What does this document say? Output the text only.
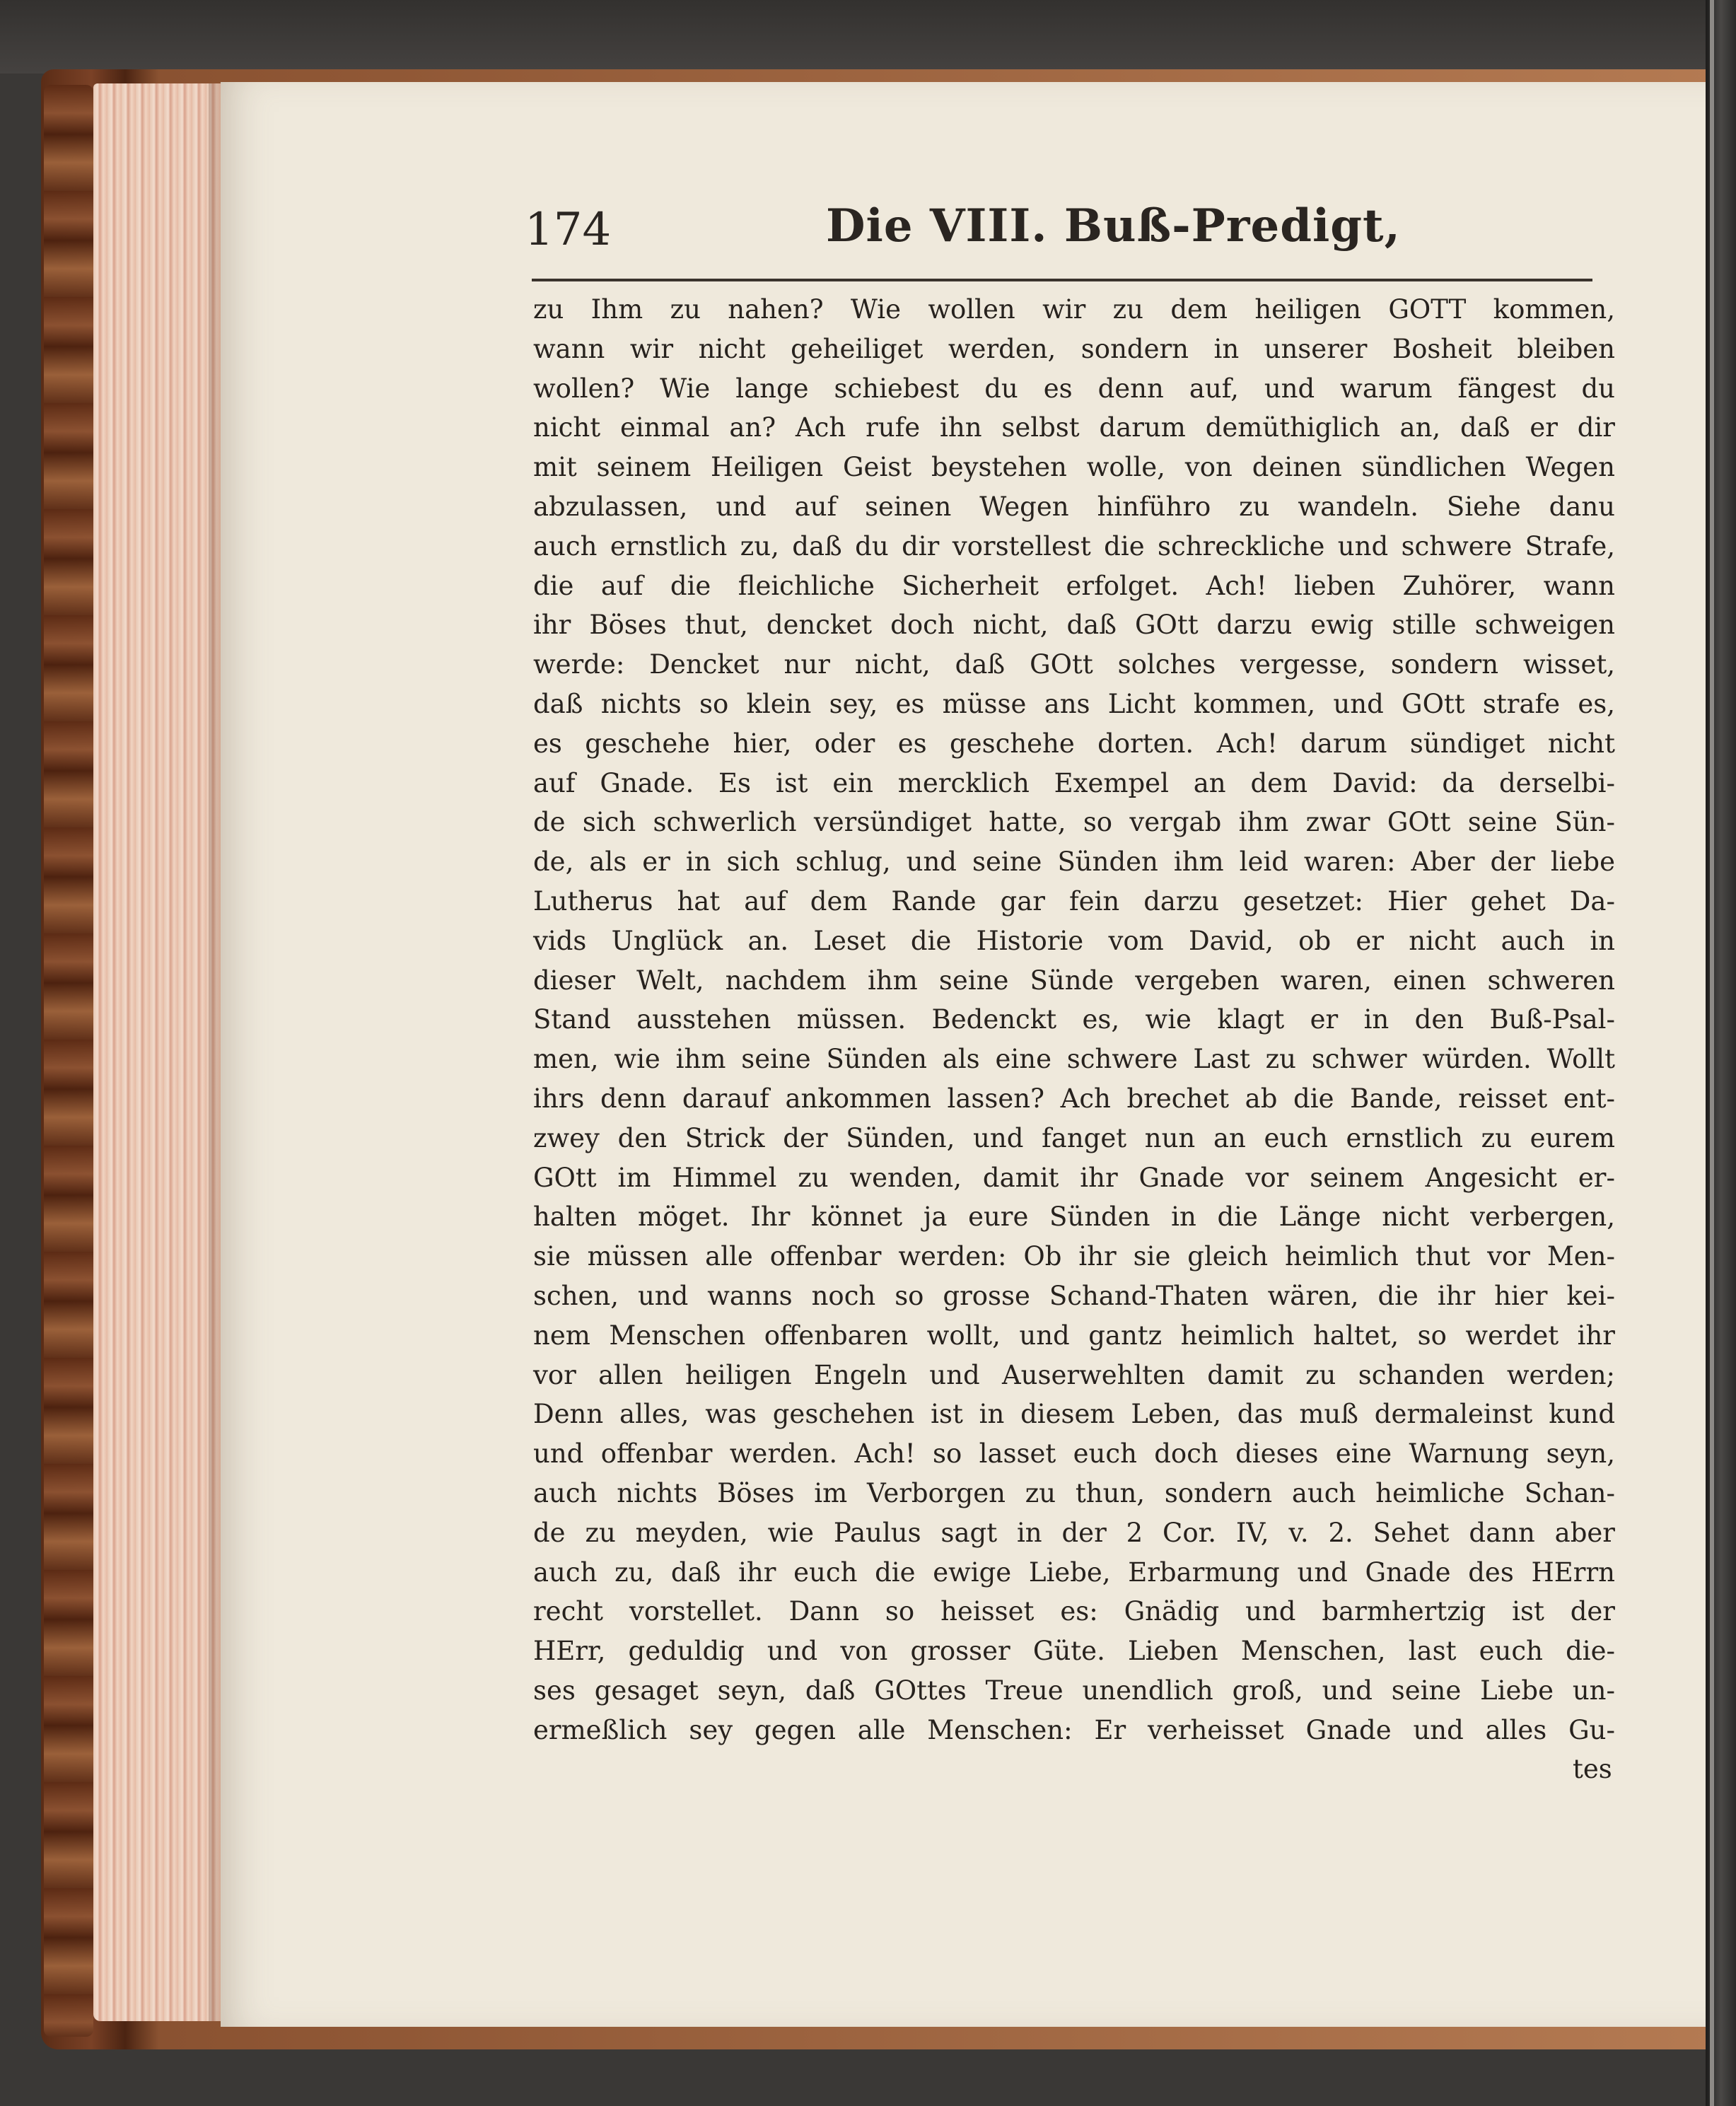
174	Die VIII. Buß-Predigt,
zu Ihm zu nahen? Wie wollen wir zu dem heiligen GOTT kommen,
wann wir nicht geheiliget werden, sondern in unserer Bosheit bleiben
wollen? Wie lange schiebest du es denn auf, und warum fängest du
nicht einmal an? Ach rufe ihn selbst darum demüthiglich an, daß er dir
mit seinem Heiligen Geist beystehen wolle, von deinen sündlichen Wegen
abzulassen, und auf seinen Wegen hinführo zu wandeln. Siehe danu
auch ernstlich zu, daß du dir vorstellest die schreckliche und schwere Strafe,
die auf die fleichliche Sicherheit erfolget. Ach! lieben Zuhörer, wann
ihr Böses thut, dencket doch nicht, daß GOtt darzu ewig stille schweigen
werde: Dencket nur nicht, daß GOtt solches vergesse, sondern wisset,
daß nichts so klein sey, es müsse ans Licht kommen, und GOtt strafe es,
es geschehe hier, oder es geschehe dorten. Ach! darum sündiget nicht
auf Gnade. Es ist ein mercklich Exempel an dem David: da derselbi-
de sich schwerlich versündiget hatte, so vergab ihm zwar GOtt seine Sün-
de, als er in sich schlug, und seine Sünden ihm leid waren: Aber der liebe
Lutherus hat auf dem Rande gar fein darzu gesetzet: Hier gehet Da-
vids Unglück an. Leset die Historie vom David, ob er nicht auch in
dieser Welt, nachdem ihm seine Sünde vergeben waren, einen schweren
Stand ausstehen müssen. Bedenckt es, wie klagt er in den Buß-Psal-
men, wie ihm seine Sünden als eine schwere Last zu schwer würden. Wollt
ihrs denn darauf ankommen lassen? Ach brechet ab die Bande, reisset ent-
zwey den Strick der Sünden, und fanget nun an euch ernstlich zu eurem
GOtt im Himmel zu wenden, damit ihr Gnade vor seinem Angesicht er-
halten möget. Ihr könnet ja eure Sünden in die Länge nicht verbergen,
sie müssen alle offenbar werden: Ob ihr sie gleich heimlich thut vor Men-
schen, und wanns noch so grosse Schand-Thaten wären, die ihr hier kei-
nem Menschen offenbaren wollt, und gantz heimlich haltet, so werdet ihr
vor allen heiligen Engeln und Auserwehlten damit zu schanden werden;
Denn alles, was geschehen ist in diesem Leben, das muß dermaleinst kund
und offenbar werden. Ach! so lasset euch doch dieses eine Warnung seyn,
auch nichts Böses im Verborgen zu thun, sondern auch heimliche Schan-
de zu meyden, wie Paulus sagt in der 2 Cor. IV, v. 2. Sehet dann aber
auch zu, daß ihr euch die ewige Liebe, Erbarmung und Gnade des HErrn
recht vorstellet. Dann so heisset es: Gnädig und barmhertzig ist der
HErr, geduldig und von grosser Güte. Lieben Menschen, last euch die-
ses gesaget seyn, daß GOttes Treue unendlich groß, und seine Liebe un-
ermeßlich sey gegen alle Menschen: Er verheisset Gnade und alles Gu-
tes
